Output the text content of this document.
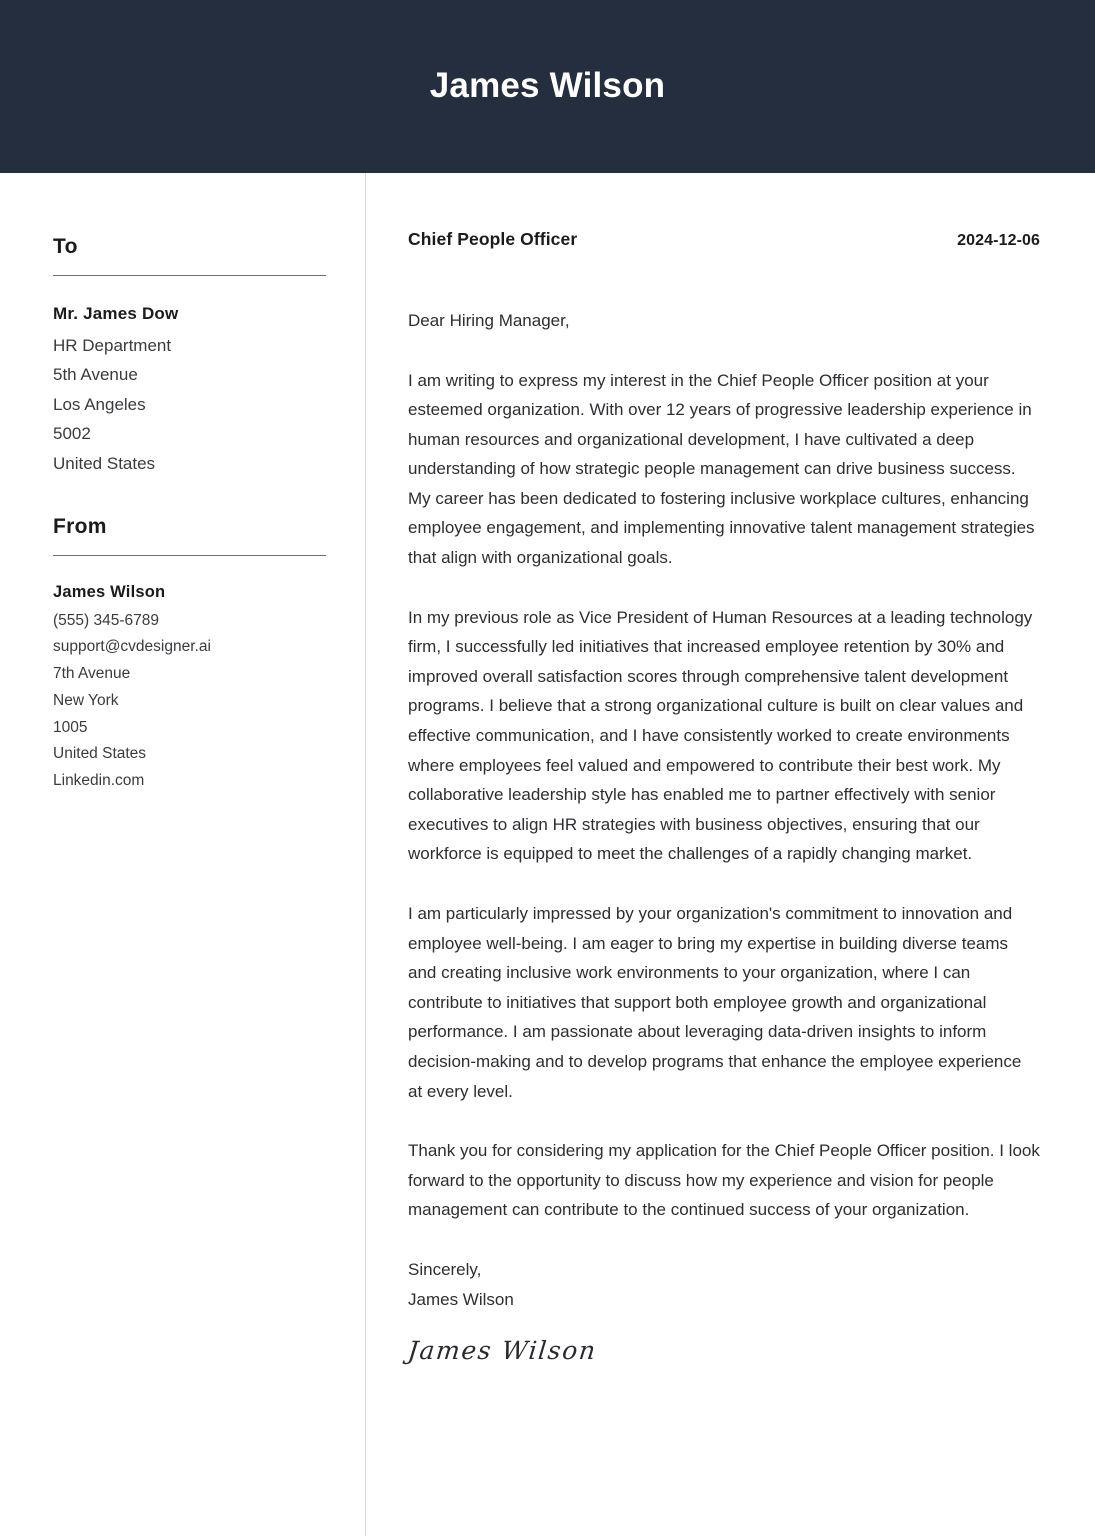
James Wilson
To
Mr. James Dow
HR Department
5th Avenue
Los Angeles
5002
United States
From
James Wilson
(555) 345-6789
support@cvdesigner.ai
7th Avenue
New York
1005
United States
Linkedin.com
Chief People Officer	2024-12-06
Dear Hiring Manager,

I am writing to express my interest in the Chief People Officer position at your esteemed organization. With over 12 years of progressive leadership experience in human resources and organizational development, I have cultivated a deep understanding of how strategic people management can drive business success. My career has been dedicated to fostering inclusive workplace cultures, enhancing employee engagement, and implementing innovative talent management strategies that align with organizational goals.

In my previous role as Vice President of Human Resources at a leading technology firm, I successfully led initiatives that increased employee retention by 30% and improved overall satisfaction scores through comprehensive talent development programs. I believe that a strong organizational culture is built on clear values and effective communication, and I have consistently worked to create environments where employees feel valued and empowered to contribute their best work. My collaborative leadership style has enabled me to partner effectively with senior executives to align HR strategies with business objectives, ensuring that our workforce is equipped to meet the challenges of a rapidly changing market.

I am particularly impressed by your organization's commitment to innovation and employee well-being. I am eager to bring my expertise in building diverse teams and creating inclusive work environments to your organization, where I can contribute to initiatives that support both employee growth and organizational performance. I am passionate about leveraging data-driven insights to inform decision-making and to develop programs that enhance the employee experience at every level.

Thank you for considering my application for the Chief People Officer position. I look forward to the opportunity to discuss how my experience and vision for people management can contribute to the continued success of your organization.

Sincerely,
James Wilson
James Wilson
